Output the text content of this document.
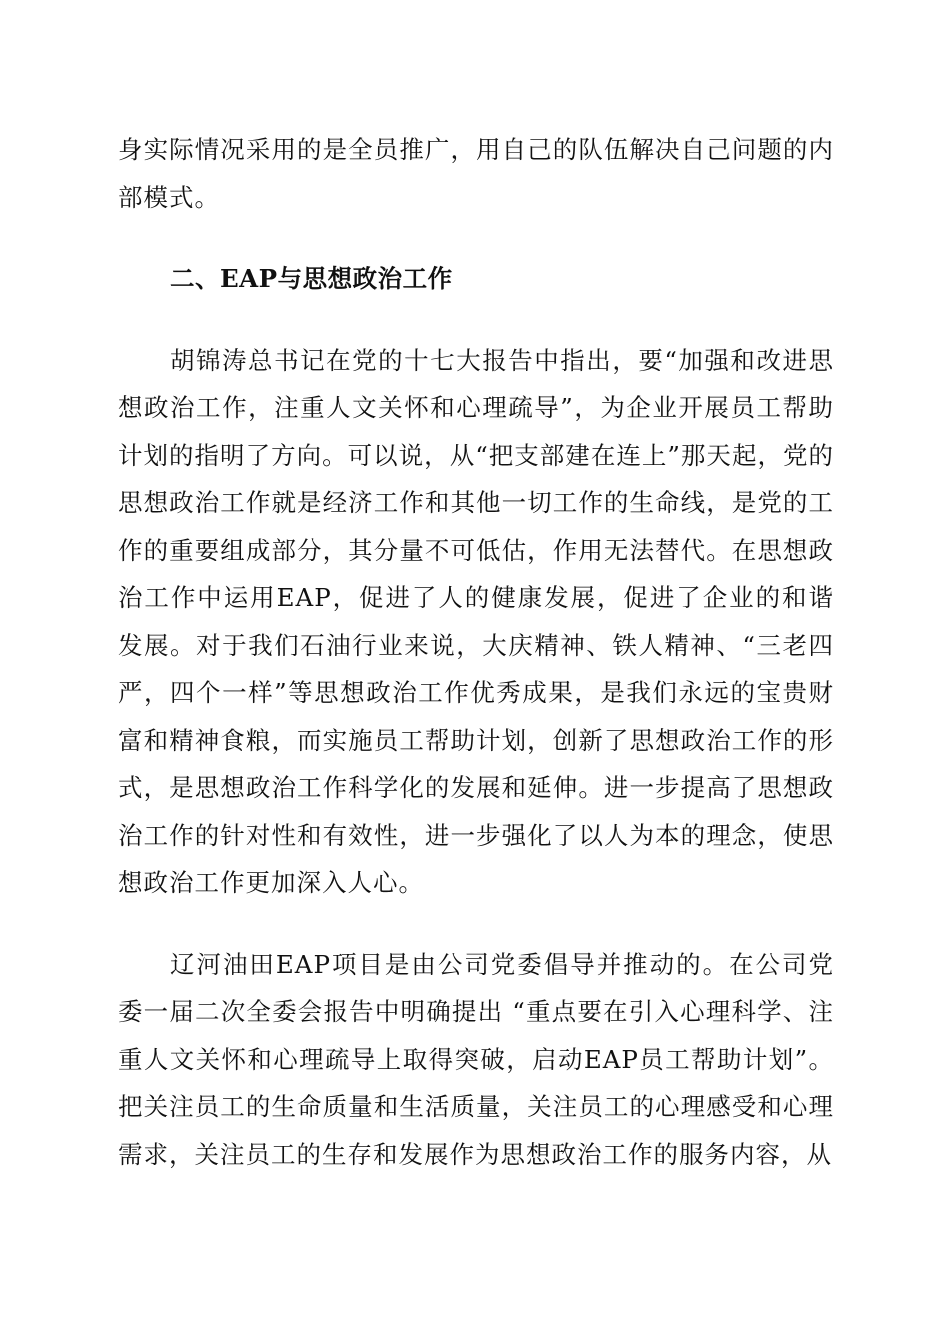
身实际情况采用的是全员推广，用自己的队伍解决自己问题的内部模式。

二、EAP与思想政治工作

胡锦涛总书记在党的十七大报告中指出，要“加强和改进思想政治工作，注重人文关怀和心理疏导”，为企业开展员工帮助计划的指明了方向。可以说，从“把支部建在连上”那天起，党的思想政治工作就是经济工作和其他一切工作的生命线，是党的工作的重要组成部分，其分量不可低估，作用无法替代。在思想政治工作中运用EAP，促进了人的健康发展，促进了企业的和谐发展。对于我们石油行业来说，大庆精神、铁人精神、“三老四严，四个一样”等思想政治工作优秀成果，是我们永远的宝贵财富和精神食粮，而实施员工帮助计划，创新了思想政治工作的形式，是思想政治工作科学化的发展和延伸。进一步提高了思想政治工作的针对性和有效性，进一步强化了以人为本的理念，使思想政治工作更加深入人心。

辽河油田EAP项目是由公司党委倡导并推动的。在公司党委一届二次全委会报告中明确提出 “重点要在引入心理科学、注重人文关怀和心理疏导上取得突破，启动EAP员工帮助计划”。把关注员工的生命质量和生活质量，关注员工的心理感受和心理需求，关注员工的生存和发展作为思想政治工作的服务内容，从
